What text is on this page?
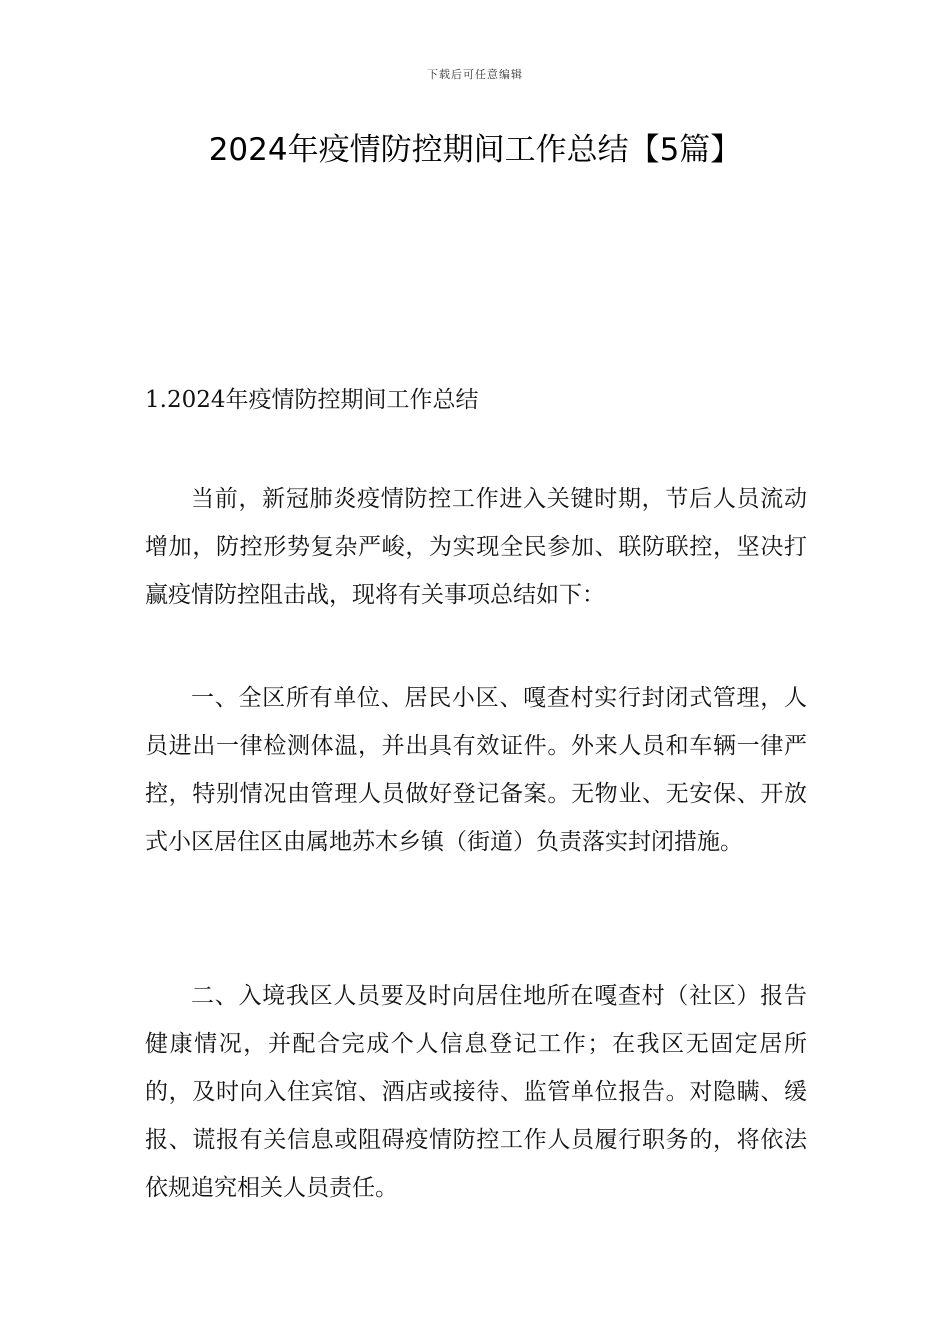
下载后可任意编辑
2024年疫情防控期间工作总结【5篇】
1.2024年疫情防控期间工作总结

当前，新冠肺炎疫情防控工作进入关键时期，节后人员流动增加，防控形势复杂严峻，为实现全民参加、联防联控，坚决打赢疫情防控阻击战，现将有关事项总结如下：

一、全区所有单位、居民小区、嘎查村实行封闭式管理，人员进出一律检测体温，并出具有效证件。外来人员和车辆一律严控，特别情况由管理人员做好登记备案。无物业、无安保、开放式小区居住区由属地苏木乡镇（街道）负责落实封闭措施。

二、入境我区人员要及时向居住地所在嘎查村（社区）报告健康情况，并配合完成个人信息登记工作；在我区无固定居所的，及时向入住宾馆、酒店或接待、监管单位报告。对隐瞒、缓报、谎报有关信息或阻碍疫情防控工作人员履行职务的，将依法依规追究相关人员责任。
